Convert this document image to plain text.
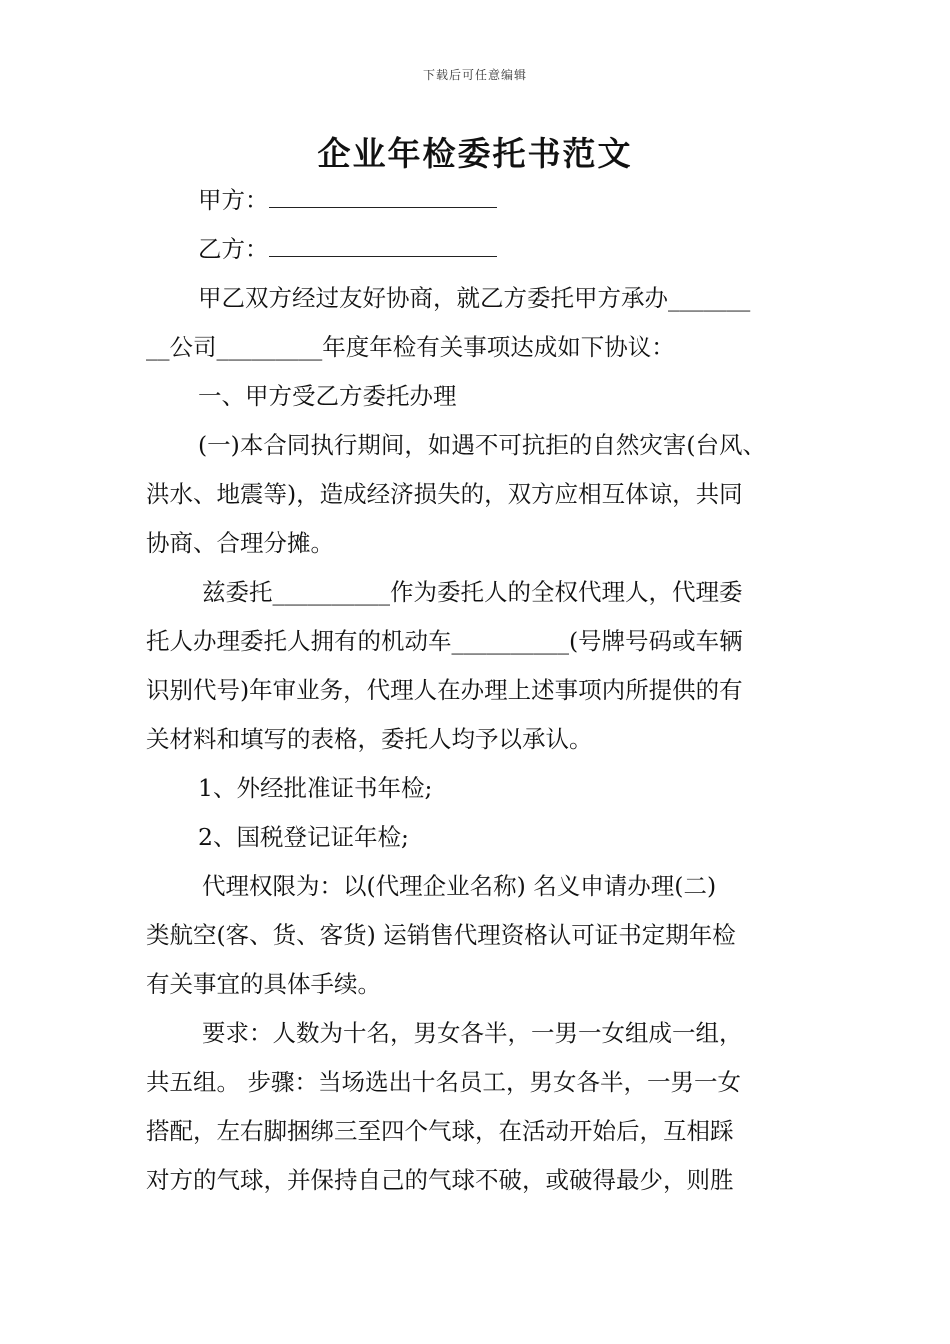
下载后可任意编辑
企业年检委托书范文
甲方：
乙方：
甲乙双方经过友好协商，就乙方委托甲方承办_______
__公司_________年度年检有关事项达成如下协议：
一、甲方受乙方委托办理
(一)本合同执行期间，如遇不可抗拒的自然灾害(台风、
洪水、地震等)，造成经济损失的，双方应相互体谅，共同
协商、合理分摊。
兹委托__________作为委托人的全权代理人，代理委
托人办理委托人拥有的机动车__________(号牌号码或车辆
识别代号)年审业务，代理人在办理上述事项内所提供的有
关材料和填写的表格，委托人均予以承认。
1、外经批准证书年检;
2、国税登记证年检;
代理权限为：以(代理企业名称) 名义申请办理(二)
类航空(客、货、客货) 运销售代理资格认可证书定期年检
有关事宜的具体手续。
要求：人数为十名，男女各半，一男一女组成一组，
共五组。 步骤：当场选出十名员工，男女各半，一男一女
搭配，左右脚捆绑三至四个气球，在活动开始后，互相踩
对方的气球，并保持自己的气球不破，或破得最少，则胜
